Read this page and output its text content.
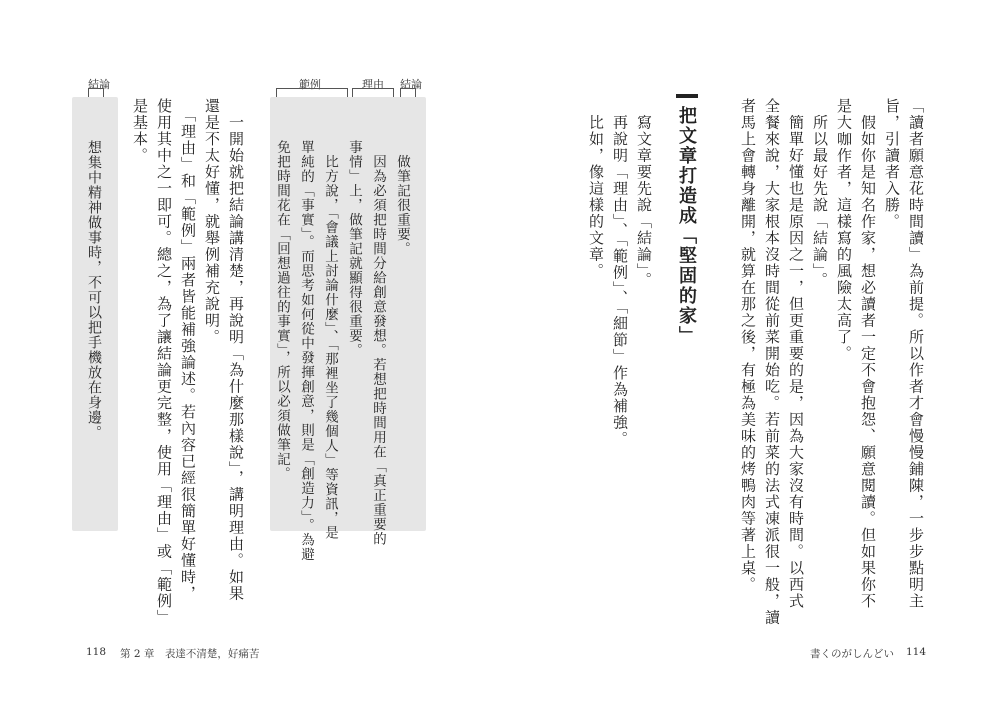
「讀者願意花時間讀」為前提。所以作者才會慢慢鋪陳，一步步點明主
旨，引讀者入勝。
　假如你是知名作家，想必讀者一定不會抱怨、願意閱讀。但如果你不
是大咖作者，這樣寫的風險太高了。
　所以最好先說「結論」。
　簡單好懂也是原因之一，但更重要的是，因為大家沒有時間。以西式
全餐來說，大家根本沒時間從前菜開始吃。若前菜的法式凍派很一般，讀
者馬上會轉身離開，就算在那之後，有極為美味的烤鴨肉等著上桌。
把文章打造成「堅固的家」
　寫文章要先說「結論」。
　再說明「理由」、「範例」、「細節」作為補強。
　比如，像這樣的文章。
書くのがしんどい 114
範例	理由	結論
結論
　做筆記很重要。
　因為必須把時間分給創意發想。若想把時間用在「真正重要的
事情」上，做筆記就顯得很重要。
　比方說，「會議上討論什麼」、「那裡坐了幾個人」等資訊，是
單純的「事實」。而思考如何從中發揮創意，則是「創造力」。為避
免把時間花在「回想過往的事實」，所以必須做筆記。
　一開始就把結論講清楚，再說明「為什麼那樣說」，講明理由。如果
還是不太好懂，就舉例補充說明。
　「理由」和「範例」兩者皆能補強論述。若內容已經很簡單好懂時，
使用其中之一即可。總之，為了讓結論更完整，使用「理由」或「範例」
是基本。
想集中精神做事時，不可以把手機放在身邊。
118 第 2 章　表達不清楚，好痛苦
